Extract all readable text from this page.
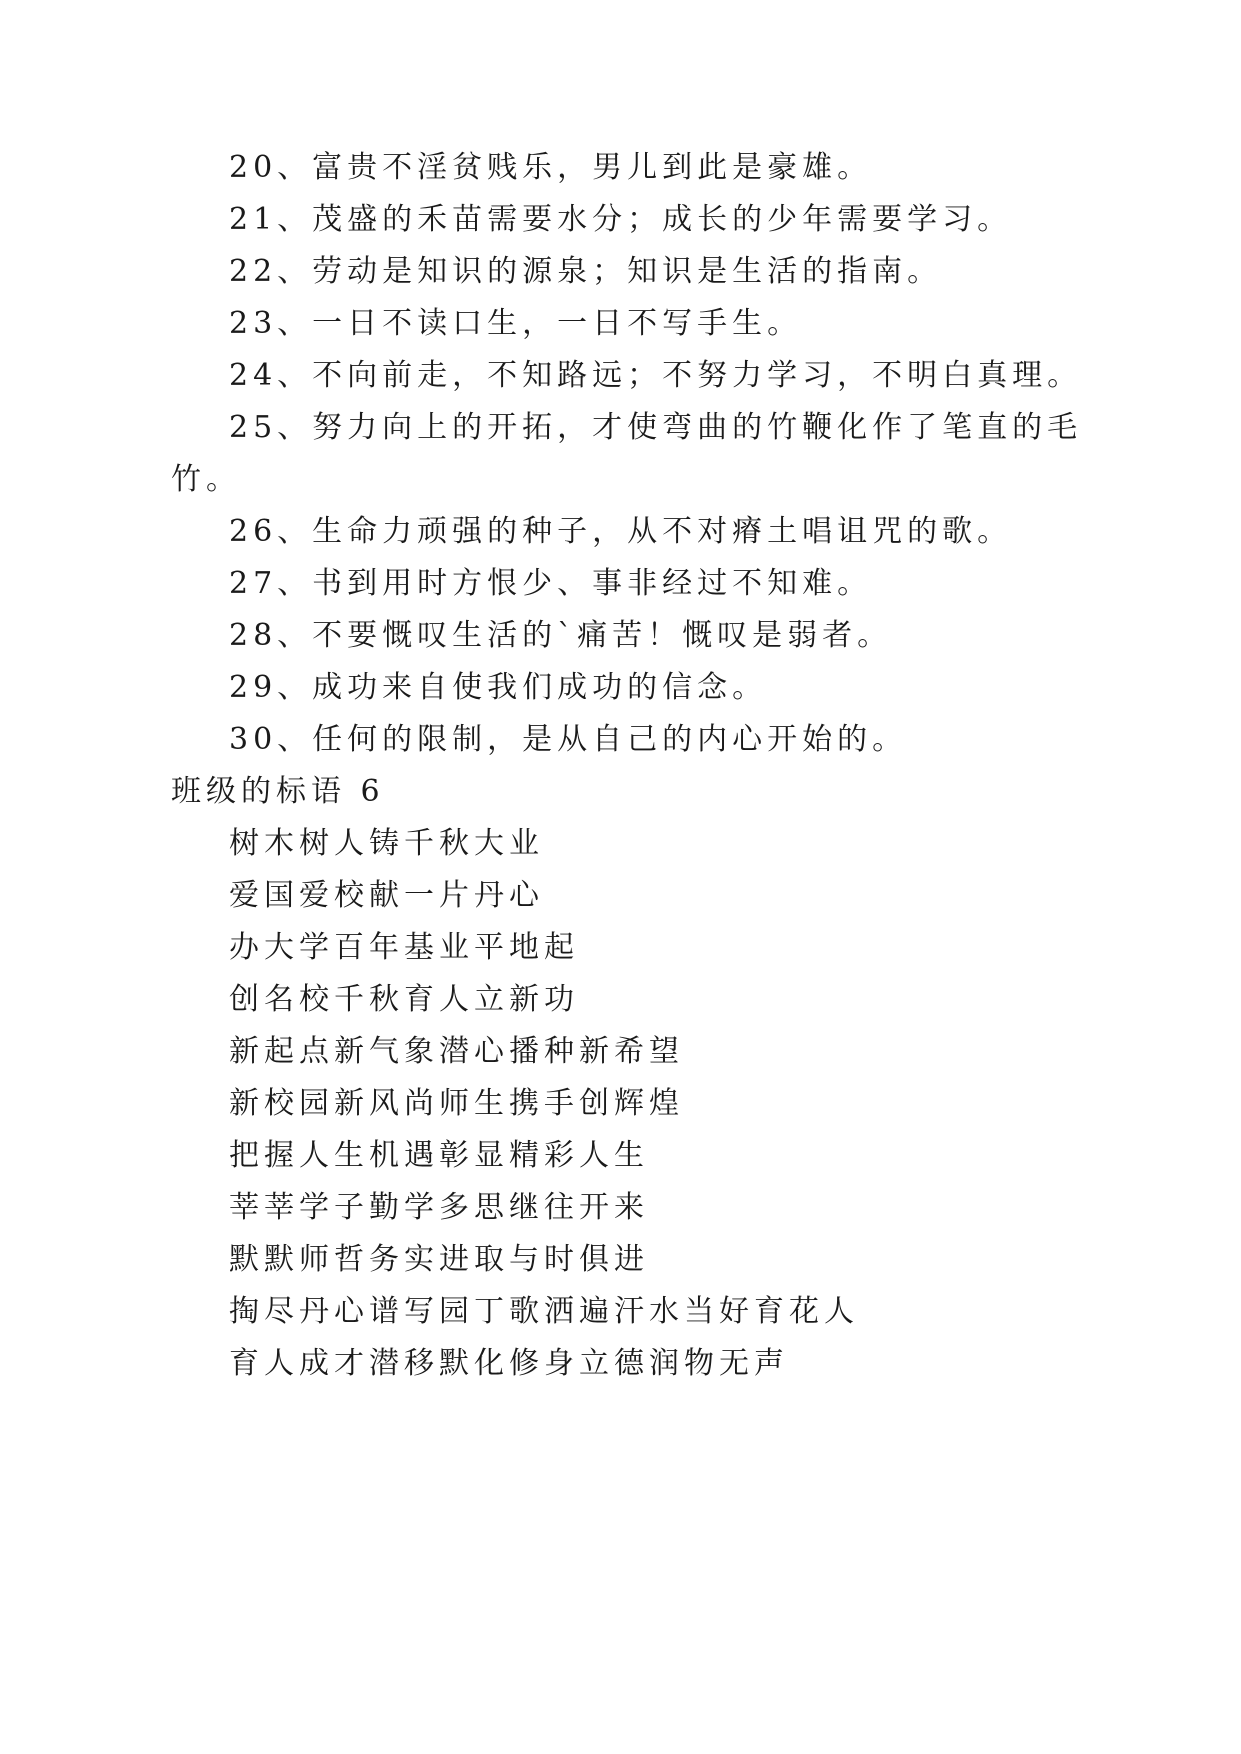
20、富贵不淫贫贱乐，男儿到此是豪雄。
21、茂盛的禾苗需要水分；成长的少年需要学习。
22、劳动是知识的源泉；知识是生活的指南。
23、一日不读口生，一日不写手生。
24、不向前走，不知路远；不努力学习，不明白真理。
25、努力向上的开拓，才使弯曲的竹鞭化作了笔直的毛
竹。
26、生命力顽强的种子，从不对瘠土唱诅咒的歌。
27、书到用时方恨少、事非经过不知难。
28、不要慨叹生活的`痛苦！慨叹是弱者。
29、成功来自使我们成功的信念。
30、任何的限制，是从自己的内心开始的。
班级的标语 6
树木树人铸千秋大业
爱国爱校献一片丹心
办大学百年基业平地起
创名校千秋育人立新功
新起点新气象潜心播种新希望
新校园新风尚师生携手创辉煌
把握人生机遇彰显精彩人生
莘莘学子勤学多思继往开来
默默师哲务实进取与时俱进
掏尽丹心谱写园丁歌洒遍汗水当好育花人
育人成才潜移默化修身立德润物无声
